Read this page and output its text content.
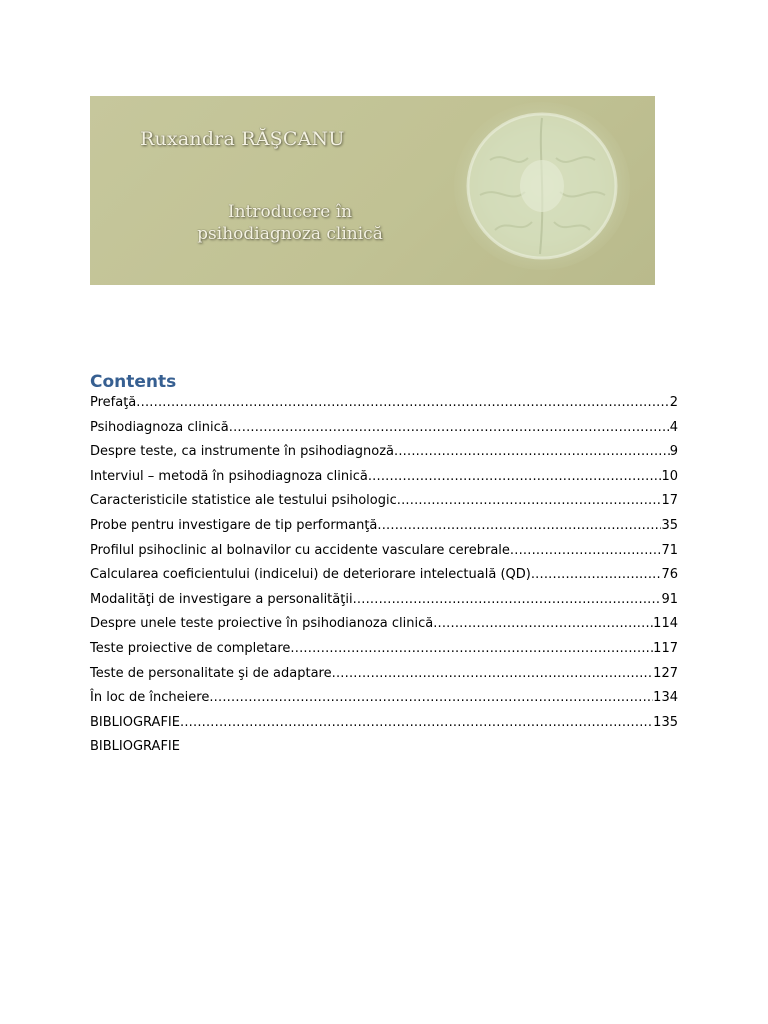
Ruxandra RĂŞCANU
Introducere în
psihodiagnoza clinică
Contents
Prefaţă .....	2
Psihodiagnoza clinică .....	4
Despre teste, ca instrumente în psihodiagnoză .....	9
Interviul – metodă în psihodiagnoza clinică .....	10
Caracteristicile statistice ale testului psihologic .....	17
Probe pentru investigare de tip performanţă .....	35
Profilul psihoclinic al bolnavilor cu accidente vasculare cerebrale .....	71
Calcularea coeficientului (indicelui) de deteriorare intelectuală (QD) .....	76
Modalităţi de investigare a personalităţii .....	91
Despre unele teste proiective în psihodianoza clinică .....	114
Teste proiective de completare .....	117
Teste de personalitate şi de adaptare .....	127
În loc de încheiere .....	134
BIBLIOGRAFIE .....	135
BIBLIOGRAFIE
